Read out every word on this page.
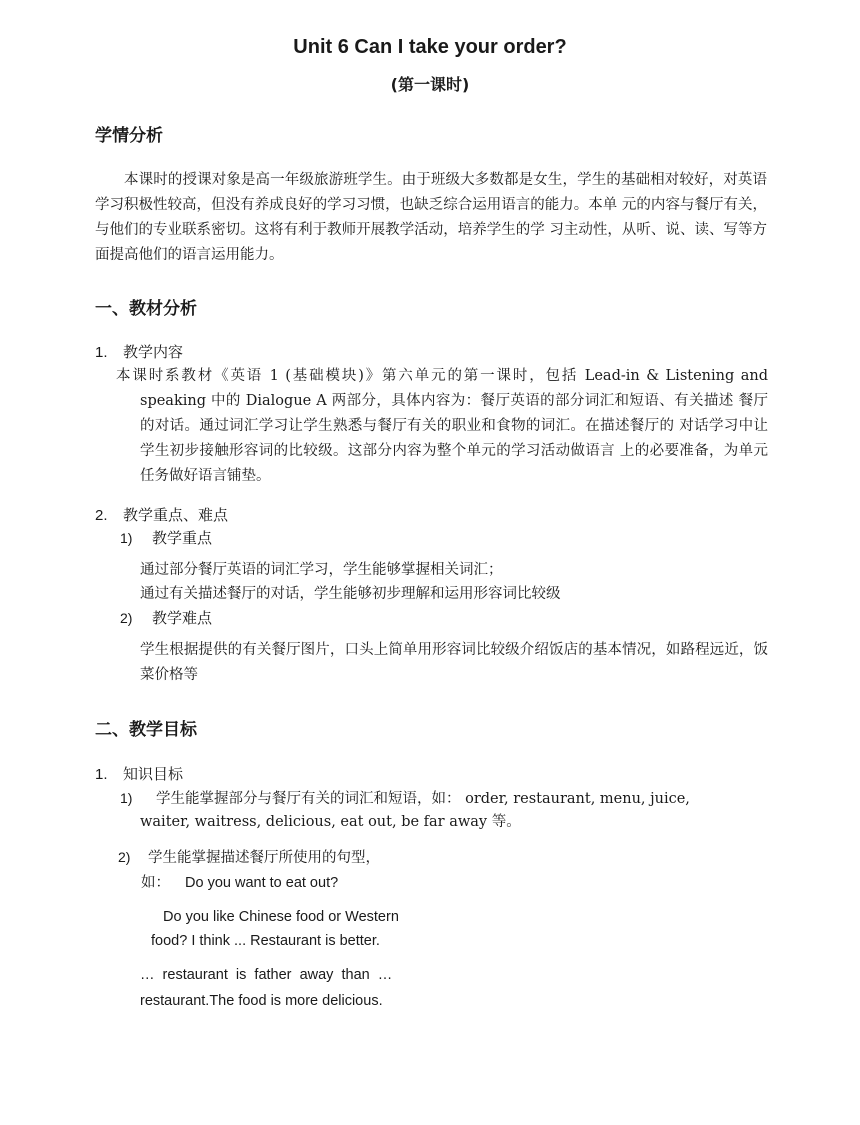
Unit 6 Can I take your order?
(第一课时)
学情分析
本课时的授课对象是高一年级旅游班学生。由于班级大多数都是女生，学生的基础相对较好，对英语学习积极性较高，但没有养成良好的学习习惯，也缺乏综合运用语言的能力。本单 元的内容与餐厅有关，与他们的专业联系密切。这将有利于教师开展教学活动，培养学生的学 习主动性，从听、说、读、写等方面提高他们的语言运用能力。
一、教材分析
1. 教学内容
本课时系教材《英语 1 (基础模块)》第六单元的第一课时，包括 Lead-in & Listening and speaking 中的 Dialogue A 两部分，具体内容为：餐厅英语的部分词汇和短语、有关描述 餐厅的对话。通过词汇学习让学生熟悉与餐厅有关的职业和食物的词汇。在描述餐厅的 对话学习中让学生初步接触形容词的比较级。这部分内容为整个单元的学习活动做语言 上的必要准备，为单元任务做好语言铺垫。
2. 教学重点、难点
1) 教学重点
通过部分餐厅英语的词汇学习，学生能够掌握相关词汇；
通过有关描述餐厅的对话，学生能够初步理解和运用形容词比较级
2) 教学难点
学生根据提供的有关餐厅图片，口头上简单用形容词比较级介绍饭店的基本情况，如路程远近，饭菜价格等
二、教学目标
1. 知识目标
1) 学生能掌握部分与餐厅有关的词汇和短语，如： order, restaurant, menu, juice,
waiter, waitress, delicious, eat out, be far away 等。
2) 学生能掌握描述餐厅所使用的句型，
如： Do you want to eat out?
Do you like Chinese food or Western
food? I think ... Restaurant is better.
…  restaurant  is  father  away  than  …
restaurant.The food is more delicious.
